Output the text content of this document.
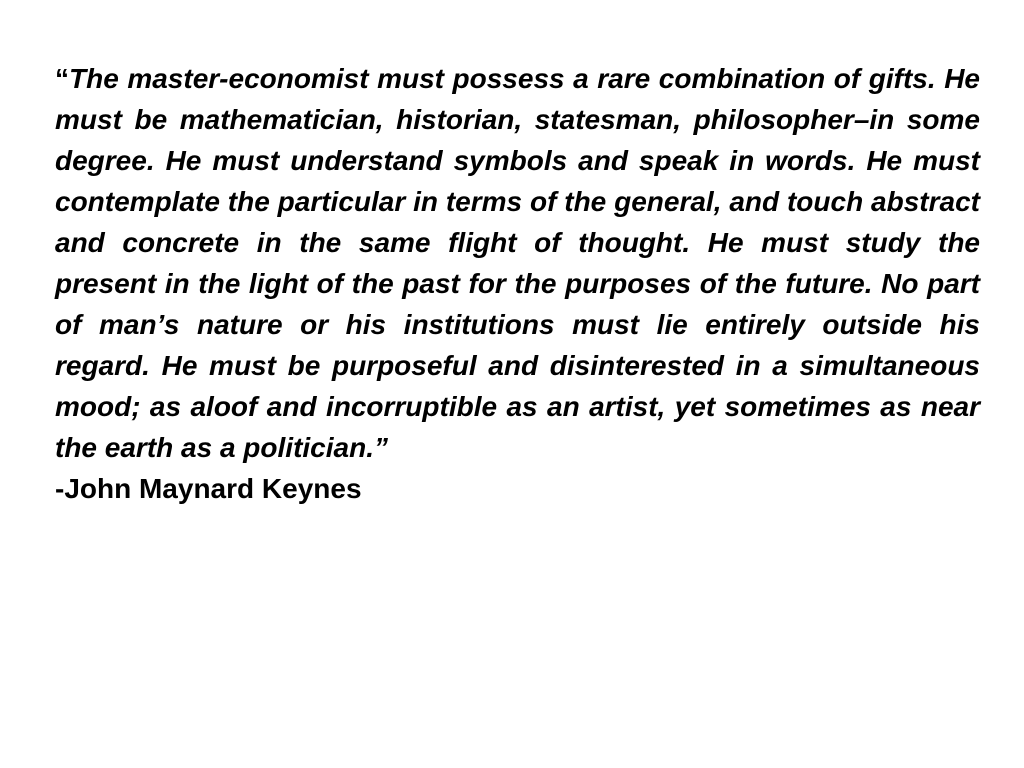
“The master-economist must possess a rare combination of gifts. He must be mathematician, historian, statesman, philosopher–in some degree. He must understand symbols and speak in words. He must contemplate the particular in terms of the general, and touch abstract and concrete in the same flight of thought. He must study the present in the light of the past for the purposes of the future. No part of man’s nature or his institutions must lie entirely outside his regard. He must be purposeful and disinterested in a simultaneous mood; as aloof and incorruptible as an artist, yet sometimes as near the earth as a politician.”

-John Maynard Keynes
